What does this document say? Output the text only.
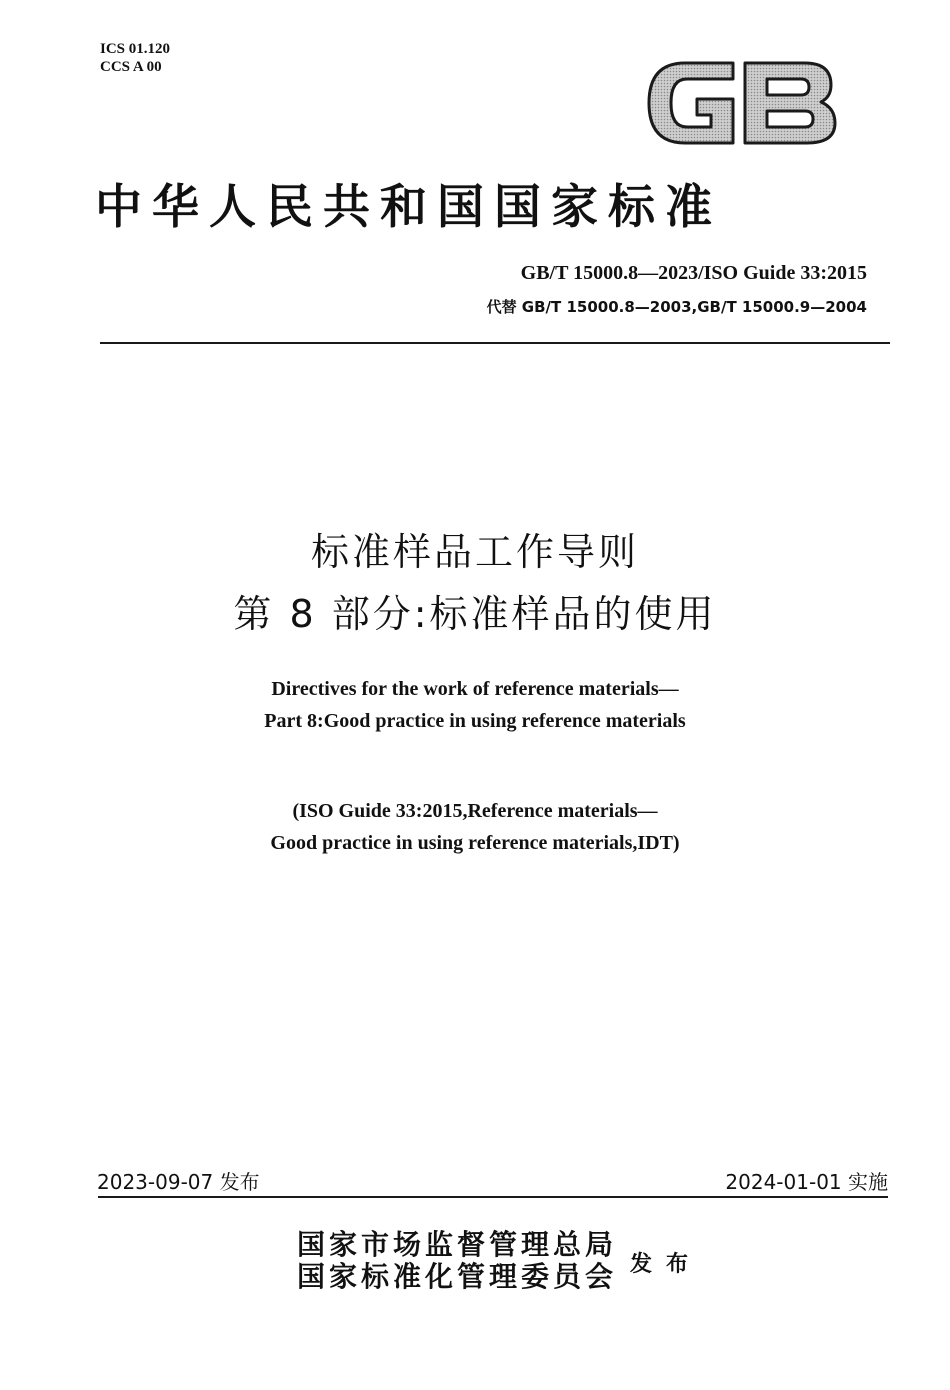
ICS 01.120
CCS A 00
中华人民共和国国家标准
GB/T 15000.8—2023/ISO Guide 33:2015
代替 GB/T 15000.8—2003,GB/T 15000.9—2004
标准样品工作导则
第 8 部分:标准样品的使用
Directives for the work of reference materials—
Part 8:Good practice in using reference materials
(ISO Guide 33:2015,Reference materials—
Good practice in using reference materials,IDT)
2023-09-07 发布	2024-01-01 实施
国家市场监督管理总局
国家标准化管理委员会 发布
